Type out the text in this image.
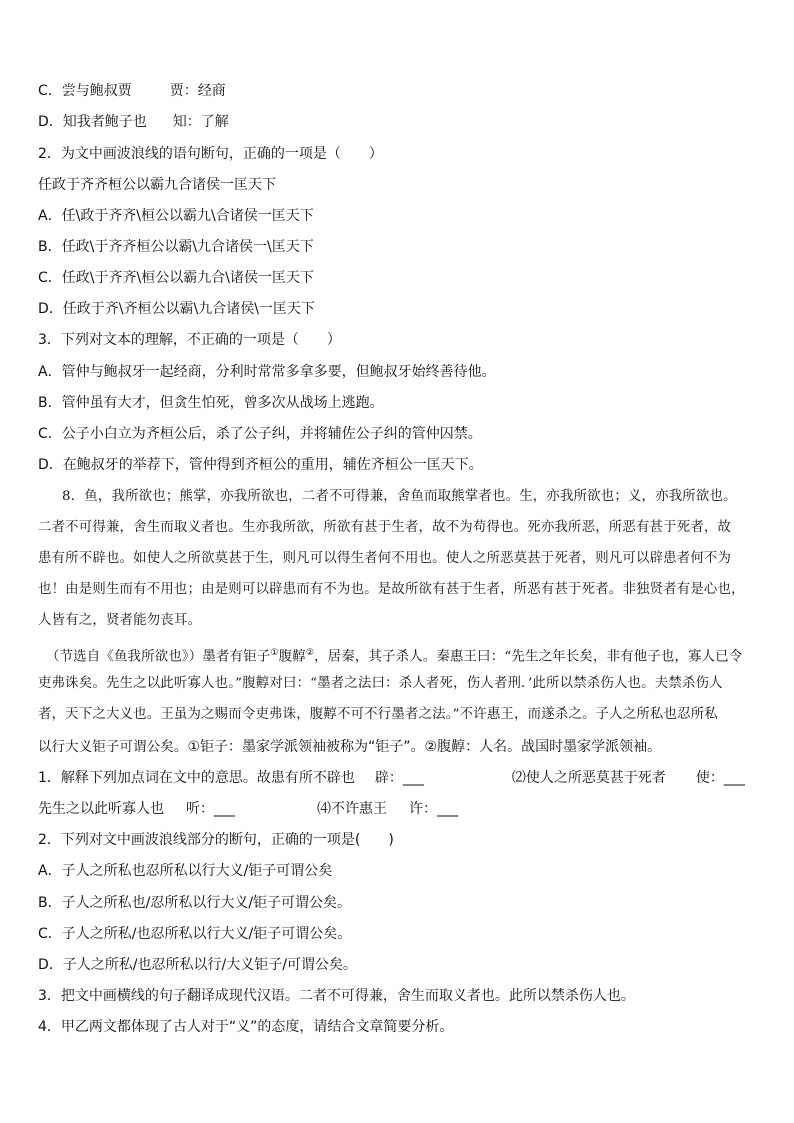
C．尝与鲍叔贾	贾：经商
D．知我者鲍子也 知：了解
2．为文中画波浪线的语句断句，正确的一项是（　　）
任政于齐齐桓公以霸九合诸侯一匡天下
A．任\政于齐齐\桓公以霸九\合诸侯一匡天下
B．任政\于齐齐桓公以霸\九合诸侯一\匡天下
C．任政\于齐齐\桓公以霸九合\诸侯一匡天下
D．任政于齐\齐桓公以霸\九合诸侯\一匡天下
3．下列对文本的理解，不正确的一项是（　　）
A．管仲与鲍叔牙一起经商，分利时常常多拿多要，但鲍叔牙始终善待他。
B．管仲虽有大才，但贪生怕死，曾多次从战场上逃跑。
C．公子小白立为齐桓公后，杀了公子纠，并将辅佐公子纠的管仲囚禁。
D．在鲍叔牙的举荐下，管仲得到齐桓公的重用，辅佐齐桓公一匡天下。
8．鱼，我所欲也；熊掌，亦我所欲也，二者不可得兼，舍鱼而取熊掌者也。生，亦我所欲也；义，亦我所欲也。
二者不可得兼，舍生而取义者也。生亦我所欲，所欲有甚于生者，故不为苟得也。死亦我所恶，所恶有甚于死者，故
患有所不辟也。如使人之所欲莫甚于生，则凡可以得生者何不用也。使人之所恶莫甚于死者，则凡可以辟患者何不为
也！由是则生而有不用也；由是则可以辟患而有不为也。是故所欲有甚于生者，所恶有甚于死者。非独贤者有是心也，
人皆有之，贤者能勿丧耳。
（节选自《鱼我所欲也》）墨者有钜子①腹䵍②，居秦，其子杀人。秦惠王曰：“先生之年长矣，非有他子也，寡人已令
吏弗诛矣。先生之以此听寡人也。”腹䵍对曰：“墨者之法曰：杀人者死，伤人者刑．’此所以禁杀伤人也。夫禁杀伤人
者，天下之大义也。王虽为之赐而令吏弗诛，腹䵍不可不行墨者之法。”不许惠王，而遂杀之。子人之所私也忍所私
以行大义钜子可谓公矣。①钜子：墨家学派领袖被称为“钜子”。②腹䵍：人名。战国时墨家学派领袖。
1．解释下列加点词在文中的意思。故患有所不辟也 辟：___	⑵使人之所恶莫甚于死者 使：___
先生之以此听寡人也 听：___	⑷不许惠王 许：___
2．下列对文中画波浪线部分的断句，正确的一项是(　　)
A．子人之所私也忍所私以行大义/钜子可谓公矣
B．子人之所私也/忍所私以行大义/钜子可谓公矣。
C．子人之所私/也忍所私以行大义/钜子可谓公矣。
D．子人之所私/也忍所私以行/大义钜子/可谓公矣。
3．把文中画横线的句子翻译成现代汉语。二者不可得兼，舍生而取义者也。此所以禁杀伤人也。
4．甲乙两文都体现了古人对于“义”的态度，请结合文章简要分析。
